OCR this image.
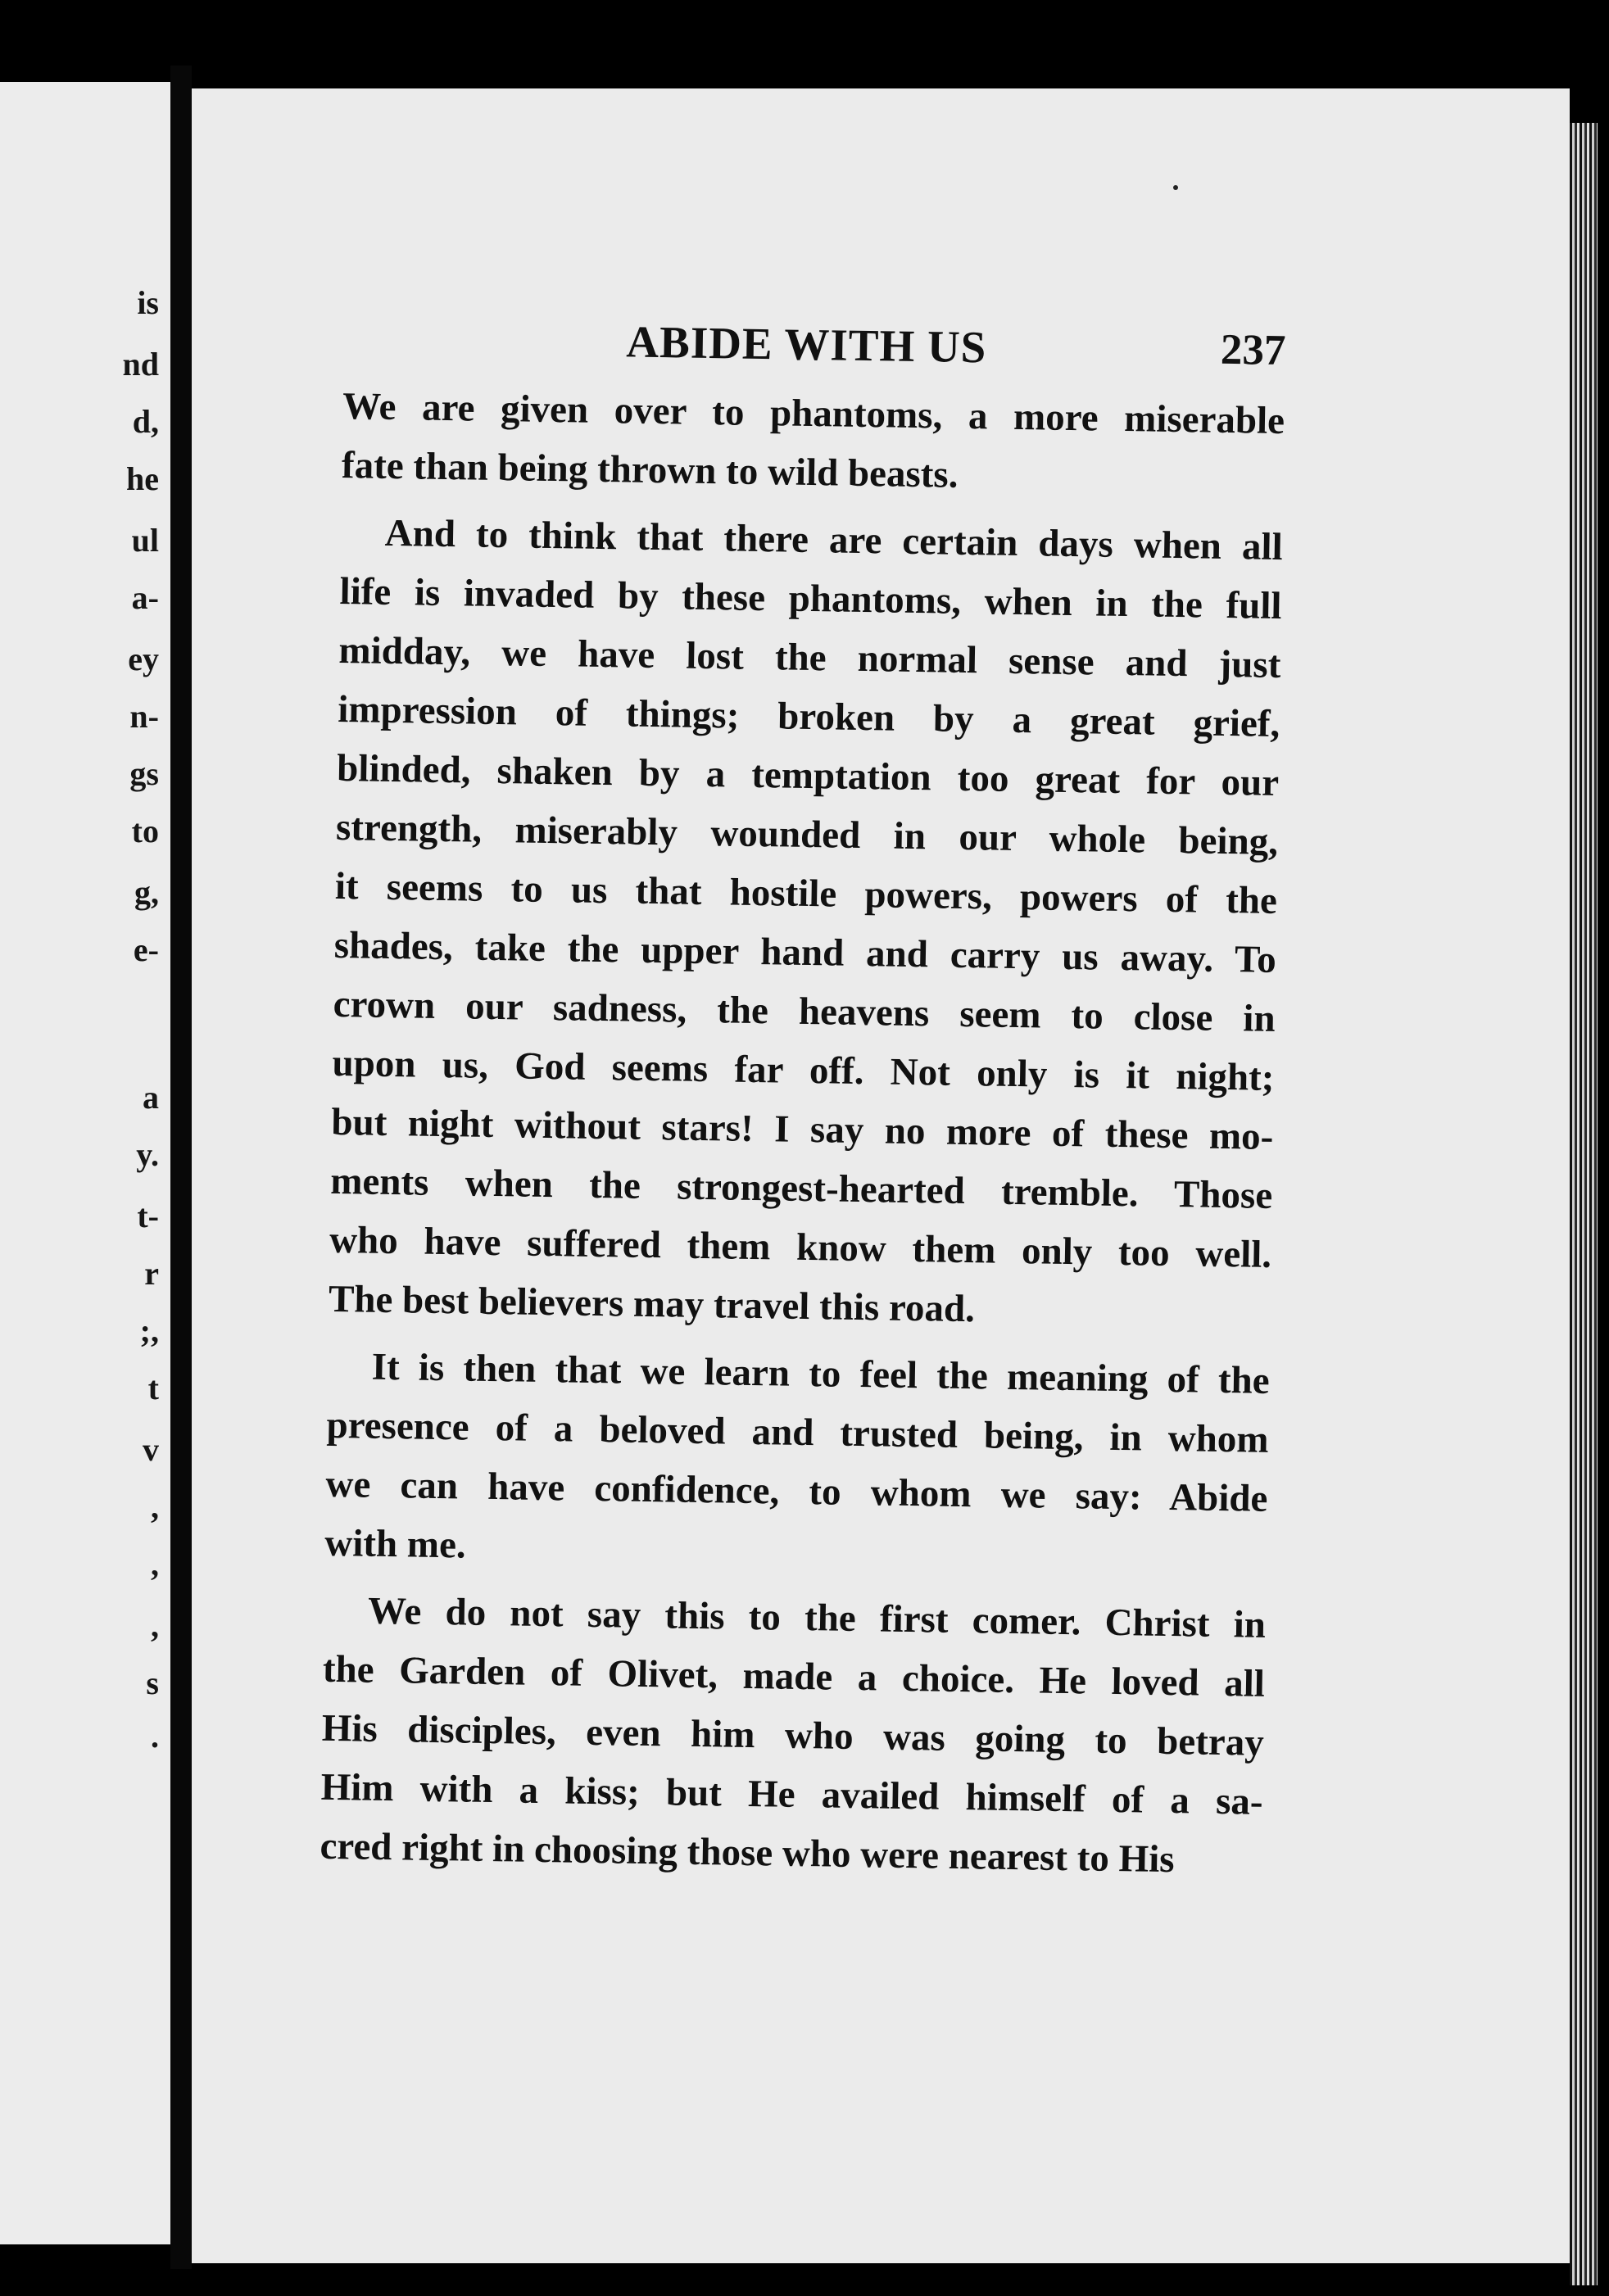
is
nd
d,
he
ul
a-
ey
n-
gs
to
g,
e-
a
y.
t-
r
;,
t
v
,
,
,
s
.
ABIDE WITH US	237
We are given over to phantoms, a more miserable
fate than being thrown to wild beasts.
And to think that there are certain days when all
life is invaded by these phantoms, when in the full
midday, we have lost the normal sense and just
impression of things; broken by a great grief,
blinded, shaken by a temptation too great for our
strength, miserably wounded in our whole being,
it seems to us that hostile powers, powers of the
shades, take the upper hand and carry us away. To
crown our sadness, the heavens seem to close in
upon us, God seems far off. Not only is it night;
but night without stars! I say no more of these mo-
ments when the strongest-hearted tremble. Those
who have suffered them know them only too well.
The best believers may travel this road.
It is then that we learn to feel the meaning of the
presence of a beloved and trusted being, in whom
we can have confidence, to whom we say: Abide
with me.
We do not say this to the first comer. Christ in
the Garden of Olivet, made a choice. He loved all
His disciples, even him who was going to betray
Him with a kiss; but He availed himself of a sa-
cred right in choosing those who were nearest to His
